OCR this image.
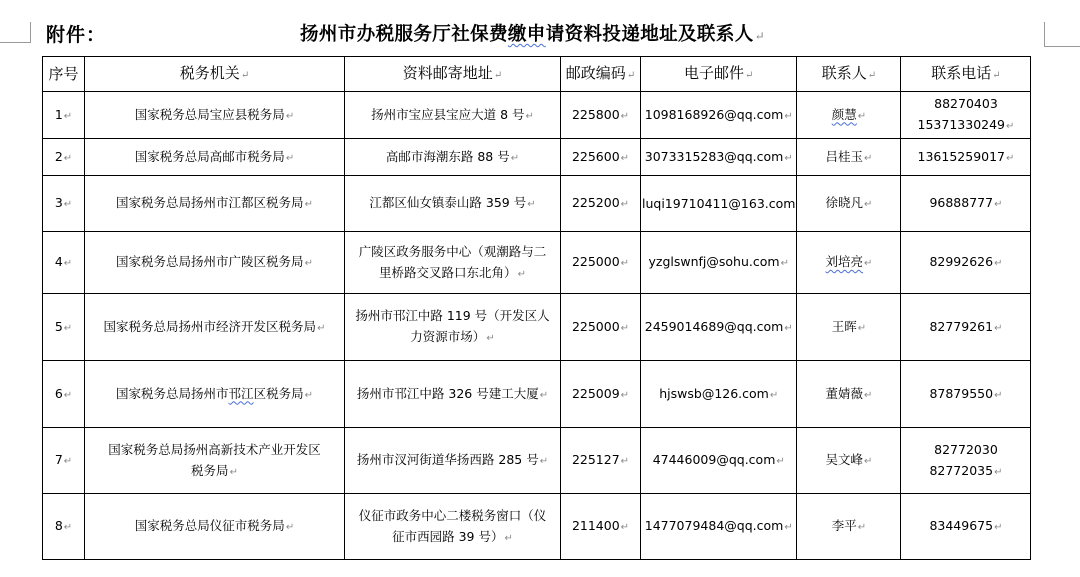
附件：	扬州市办税服务厅社保费缴申请资料投递地址及联系人↵
序号	税务机关↵	资料邮寄地址↵	邮政编码↵	电子邮件↵	联系人↵	联系电话↵
1↵	国家税务总局宝应县税务局↵	扬州市宝应县宝应大道 8 号↵	225800↵	1098168926@qq.com↵	颜慧↵	88270403
15371330249↵

2↵	国家税务总局高邮市税务局↵	高邮市海潮东路 88 号↵	225600↵	3073315283@qq.com↵	吕桂玉↵	13615259017↵

3↵	国家税务总局扬州市江都区税务局↵	江都区仙女镇泰山路 359 号↵	225200↵	luqi19710411@163.com	徐晓凡↵	96888777↵

4↵	国家税务总局扬州市广陵区税务局↵	广陵区政务服务中心（观潮路与二
里桥路交叉路口东北角）↵	225000↵	yzglswnfj@sohu.com↵	刘培亮↵	82992626↵

5↵	国家税务总局扬州市经济开发区税务局↵	扬州市邗江中路 119 号（开发区人
力资源市场）↵	225000↵	2459014689@qq.com↵	王晖↵	82779261↵

6↵	国家税务总局扬州市邗江区税务局↵	扬州市邗江中路 326 号建工大厦↵	225009↵	hjswsb@126.com↵	董婧薇↵	87879550↵

7↵	国家税务总局扬州高新技术产业开发区
税务局↵	扬州市汊河街道华扬西路 285 号↵	225127↵	47446009@qq.com↵	吴文峰↵	82772030
82772035↵

8↵	国家税务总局仪征市税务局↵	仪征市政务中心二楼税务窗口（仪
征市西园路 39 号）↵	211400↵	1477079484@qq.com↵	李平↵	83449675↵
